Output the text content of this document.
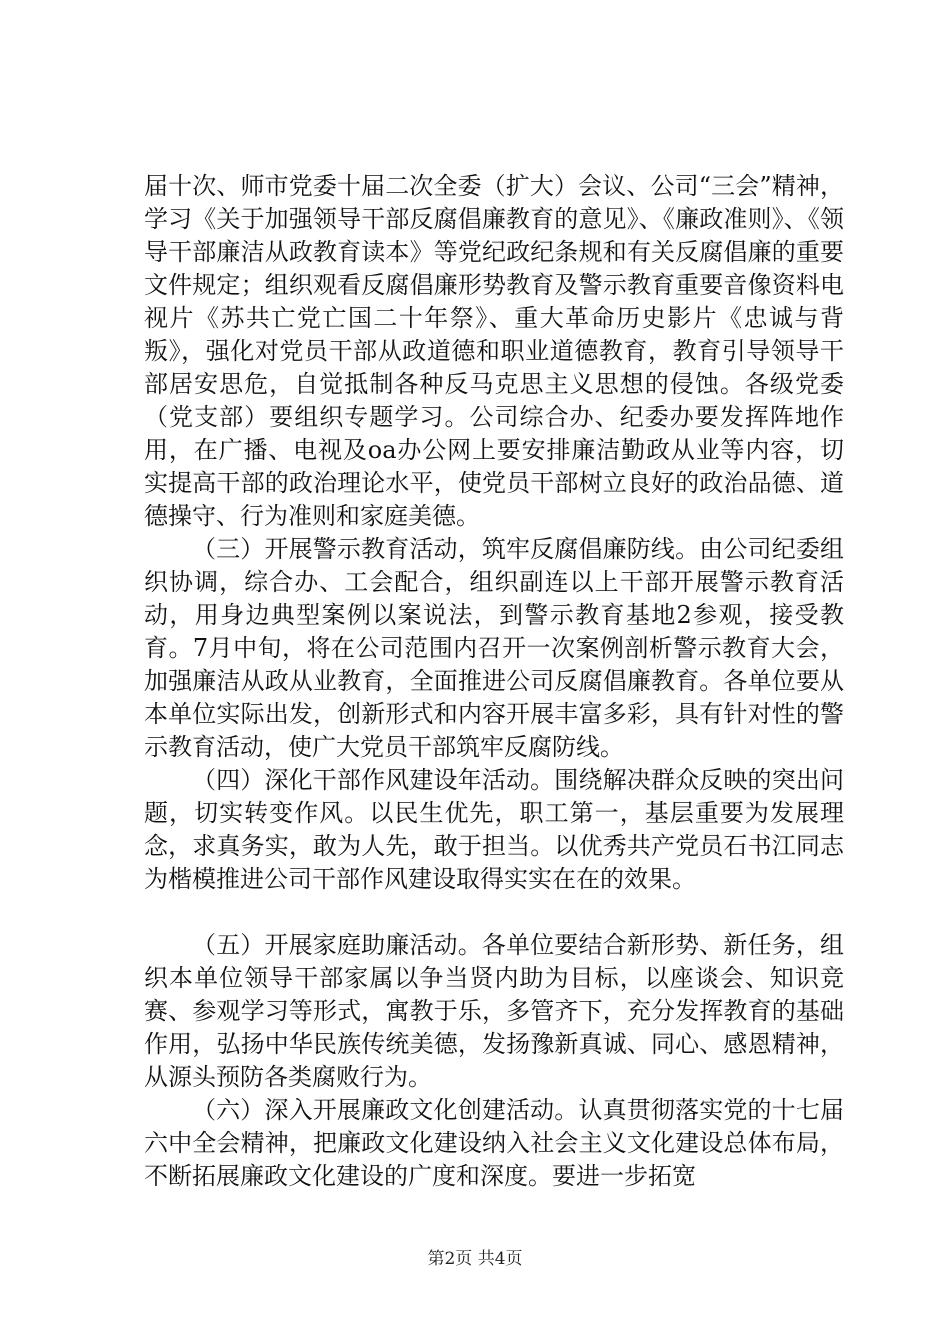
届十次、师市党委十届二次全委（扩大）会议、公司“三会”精神，学习《关于加强领导干部反腐倡廉教育的意见》、《廉政准则》、《领导干部廉洁从政教育读本》等党纪政纪条规和有关反腐倡廉的重要文件规定；组织观看反腐倡廉形势教育及警示教育重要音像资料电视片《苏共亡党亡国二十年祭》、重大革命历史影片《忠诚与背叛》，强化对党员干部从政道德和职业道德教育，教育引导领导干部居安思危，自觉抵制各种反马克思主义思想的侵蚀。各级党委（党支部）要组织专题学习。公司综合办、纪委办要发挥阵地作用，在广播、电视及oa办公网上要安排廉洁勤政从业等内容，切实提高干部的政治理论水平，使党员干部树立良好的政治品德、道德操守、行为准则和家庭美德。

（三）开展警示教育活动，筑牢反腐倡廉防线。由公司纪委组织协调，综合办、工会配合，组织副连以上干部开展警示教育活动，用身边典型案例以案说法，到警示教育基地2参观，接受教育。7月中旬，将在公司范围内召开一次案例剖析警示教育大会，加强廉洁从政从业教育，全面推进公司反腐倡廉教育。各单位要从本单位实际出发，创新形式和内容开展丰富多彩，具有针对性的警示教育活动，使广大党员干部筑牢反腐防线。

（四）深化干部作风建设年活动。围绕解决群众反映的突出问题，切实转变作风。以民生优先，职工第一，基层重要为发展理念，求真务实，敢为人先，敢于担当。以优秀共产党员石书江同志为楷模推进公司干部作风建设取得实实在在的效果。

（五）开展家庭助廉活动。各单位要结合新形势、新任务，组织本单位领导干部家属以争当贤内助为目标，以座谈会、知识竞赛、参观学习等形式，寓教于乐，多管齐下，充分发挥教育的基础作用，弘扬中华民族传统美德，发扬豫新真诚、同心、感恩精神，从源头预防各类腐败行为。

（六）深入开展廉政文化创建活动。认真贯彻落实党的十七届六中全会精神，把廉政文化建设纳入社会主义文化建设总体布局，不断拓展廉政文化建设的广度和深度。要进一步拓宽

第2页 共4页
